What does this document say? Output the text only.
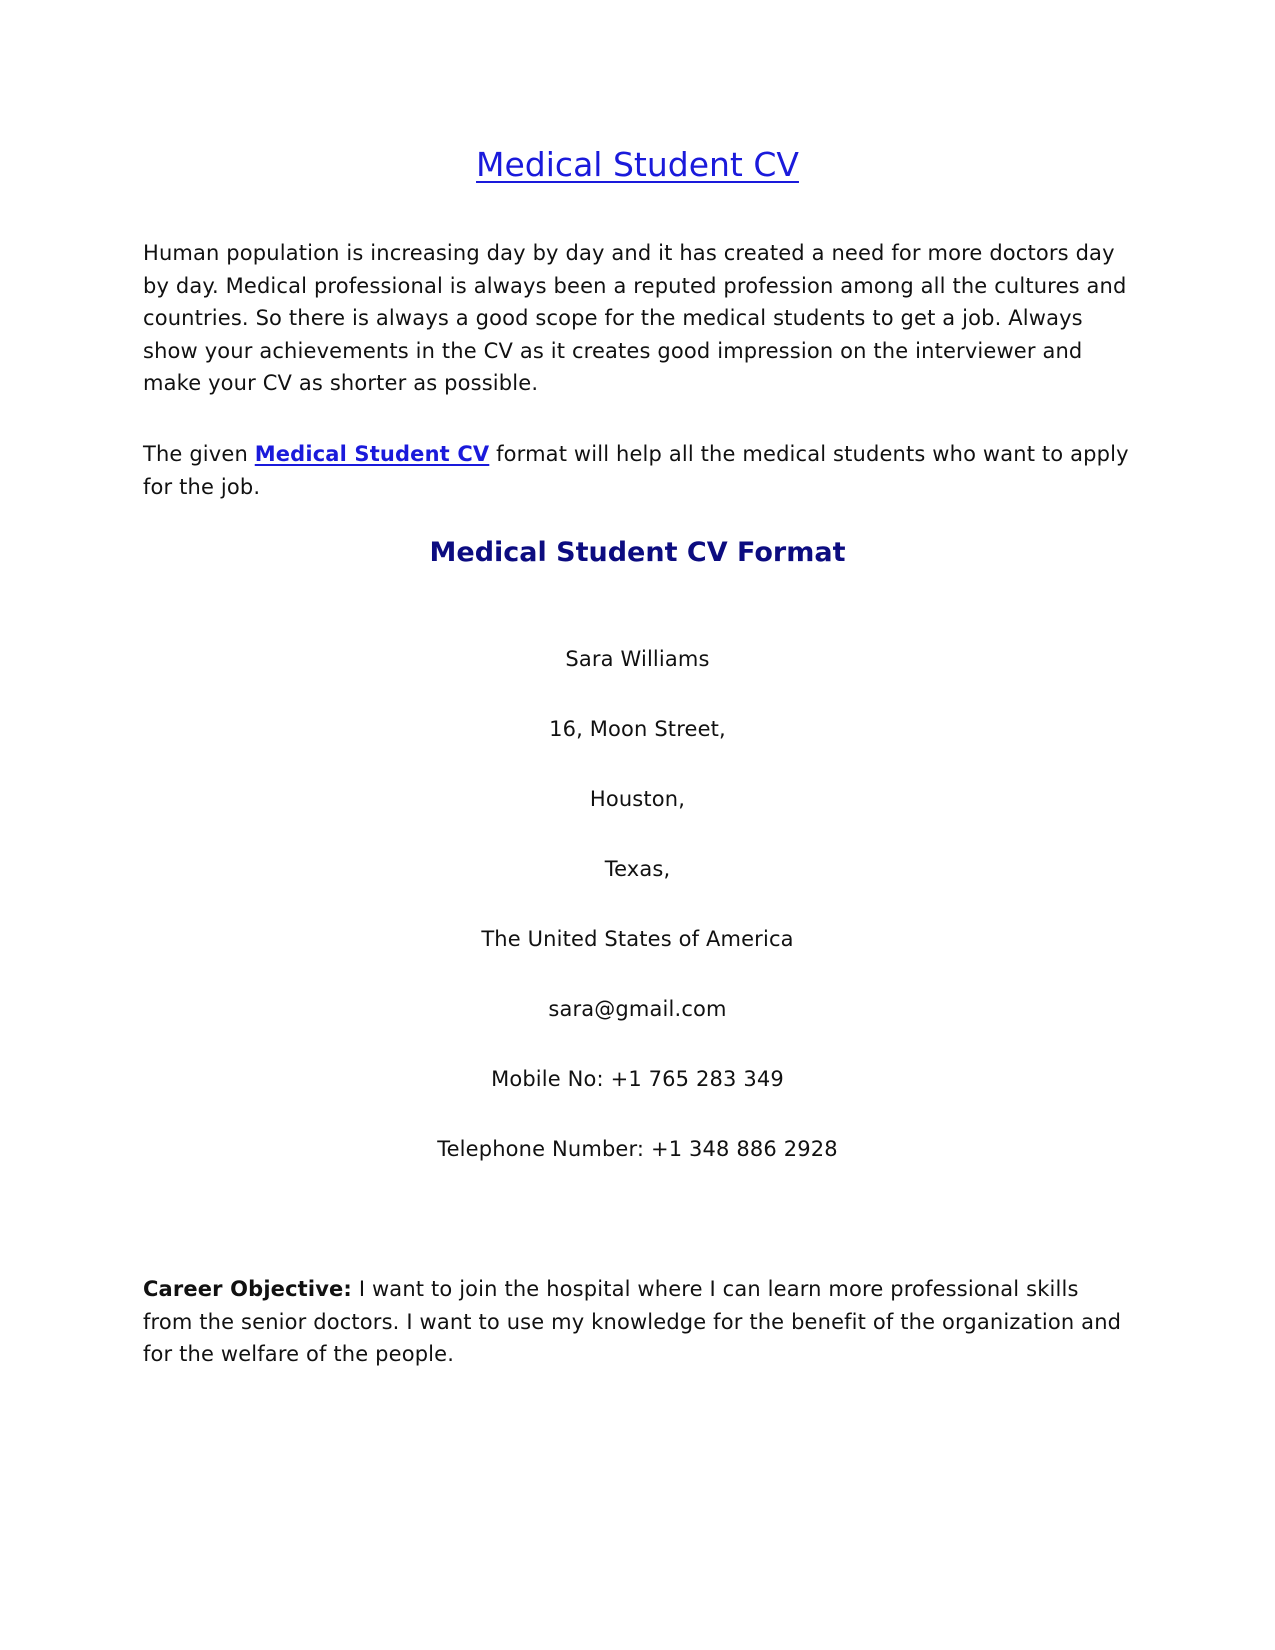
Medical Student CV

Human population is increasing day by day and it has created a need for more doctors day by day. Medical professional is always been a reputed profession among all the cultures and countries. So there is always a good scope for the medical students to get a job. Always show your achievements in the CV as it creates good impression on the interviewer and make your CV as shorter as possible.

The given Medical Student CV format will help all the medical students who want to apply for the job.

Medical Student CV Format

Sara Williams

16, Moon Street,

Houston,

Texas,

The United States of America

sara@gmail.com

Mobile No: +1 765 283 349

Telephone Number: +1 348 886 2928

Career Objective: I want to join the hospital where I can learn more professional skills from the senior doctors. I want to use my knowledge for the benefit of the organization and for the welfare of the people.
